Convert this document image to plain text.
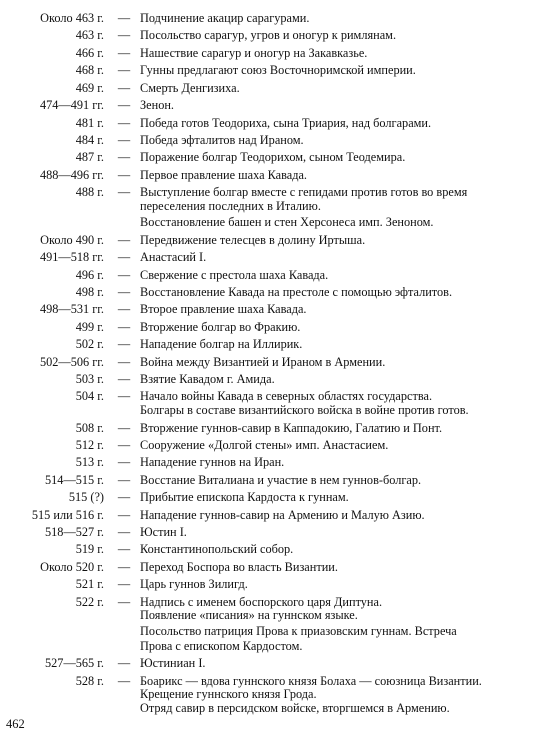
Около 463 г.	— Подчинение акацир сарагурами.
463 г.	— Посольство сарагур, угров и оногур к римлянам.
466 г.	— Нашествие сарагур и оногур на Закавказье.
468 г.	— Гунны предлагают союз Восточноримской империи.
469 г.	— Смерть Денгизиха.
474—491 гг.	— Зенон.
481 г.	— Победа готов Теодориха, сына Триария, над болгарами.
484 г.	— Победа эфталитов над Ираном.
487 г.	— Поражение болгар Теодорихом, сыном Теодемира.
488—496 гг.	— Первое правление шаха Кавада.
488 г.	— Выступление болгар вместе с гепидами против готов во время
переселения последних в Италию.
Восстановление башен и стен Херсонеса имп. Зеноном.
Около 490 г.	— Передвижение телесцев в долину Иртыша.
491—518 гг.	— Анастасий I.
496 г.	— Свержение с престола шаха Кавада.
498 г.	— Восстановление Кавада на престоле с помощью эфталитов.
498—531 гг.	— Второе правление шаха Кавада.
499 г.	— Вторжение болгар во Фракию.
502 г.	— Нападение болгар на Иллирик.
502—506 гг.	— Война между Византией и Ираном в Армении.
503 г.	— Взятие Кавадом г. Амида.
504 г.	— Начало войны Кавада в северных областях государства.
Болгары в составе византийского войска в войне против готов.
508 г.	— Вторжение гуннов-савир в Каппадокию, Галатию и Понт.
512 г.	— Сооружение «Долгой стены» имп. Анастасием.
513 г.	— Нападение гуннов на Иран.
514—515 г.	— Восстание Виталиана и участие в нем гуннов-болгар.
515 (?)	— Прибытие епископа Кардоста к гуннам.
515 или 516 г.	— Нападение гуннов-савир на Армению и Малую Азию.
518—527 г.	— Юстин I.
519 г.	— Константинопольский собор.
Около 520 г.	— Переход Боспора во власть Византии.
521 г.	— Царь гуннов Зилигд.
522 г.	— Надпись с именем боспорского царя Диптуна.
Появление «писания» на гуннском языке.
Посольство патриция Прова к приазовским гуннам. Встреча
Прова с епископом Кардостом.
527—565 г.	— Юстиниан I.
528 г.	— Боарикс — вдова гуннского князя Болаха — союзница Византии.
Крещение гуннского князя Грода.
Отряд савир в персидском войске, вторгшемся в Армению.
462
